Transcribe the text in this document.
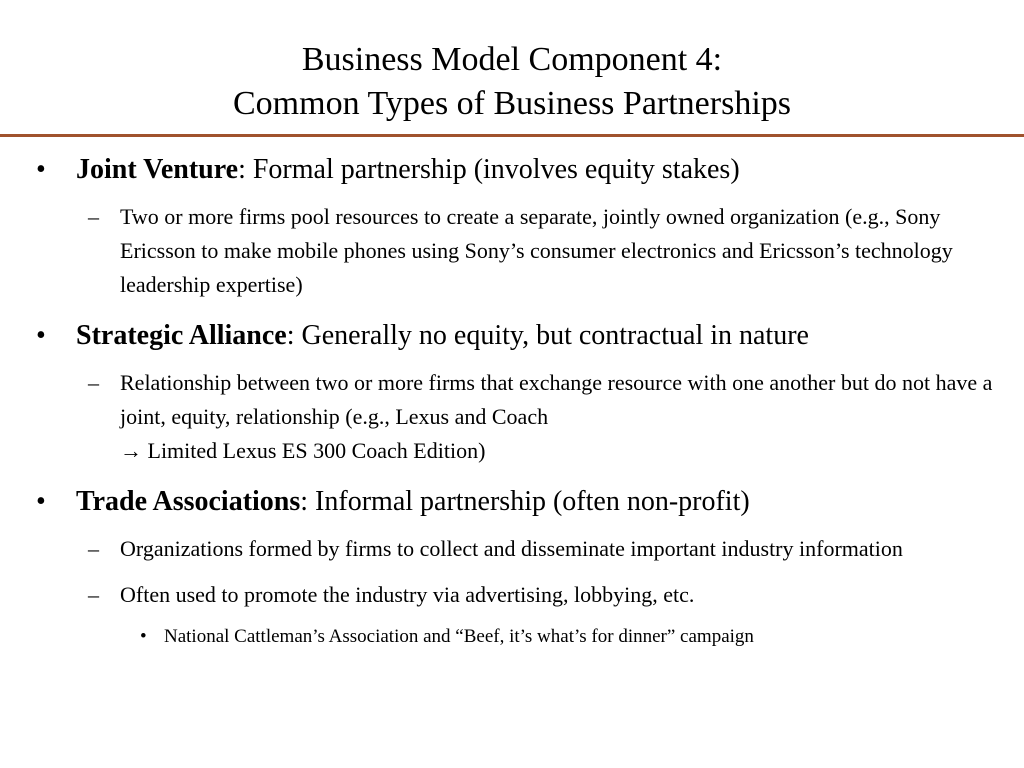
Business Model Component 4:
Common Types of Business Partnerships
• Joint Venture: Formal partnership (involves equity stakes)
– Two or more firms pool resources to create a separate, jointly owned organization (e.g., Sony Ericsson to make mobile phones using Sony’s consumer electronics and Ericsson’s technology leadership expertise)
• Strategic Alliance: Generally no equity, but contractual in nature
– Relationship between two or more firms that exchange resource with one another but do not have a joint, equity, relationship (e.g., Lexus and Coach
→ Limited Lexus ES 300 Coach Edition)
• Trade Associations: Informal partnership (often non-profit)
– Organizations formed by firms to collect and disseminate important industry information
– Often used to promote the industry via advertising, lobbying, etc.
• National Cattleman’s Association and “Beef, it’s what’s for dinner” campaign
